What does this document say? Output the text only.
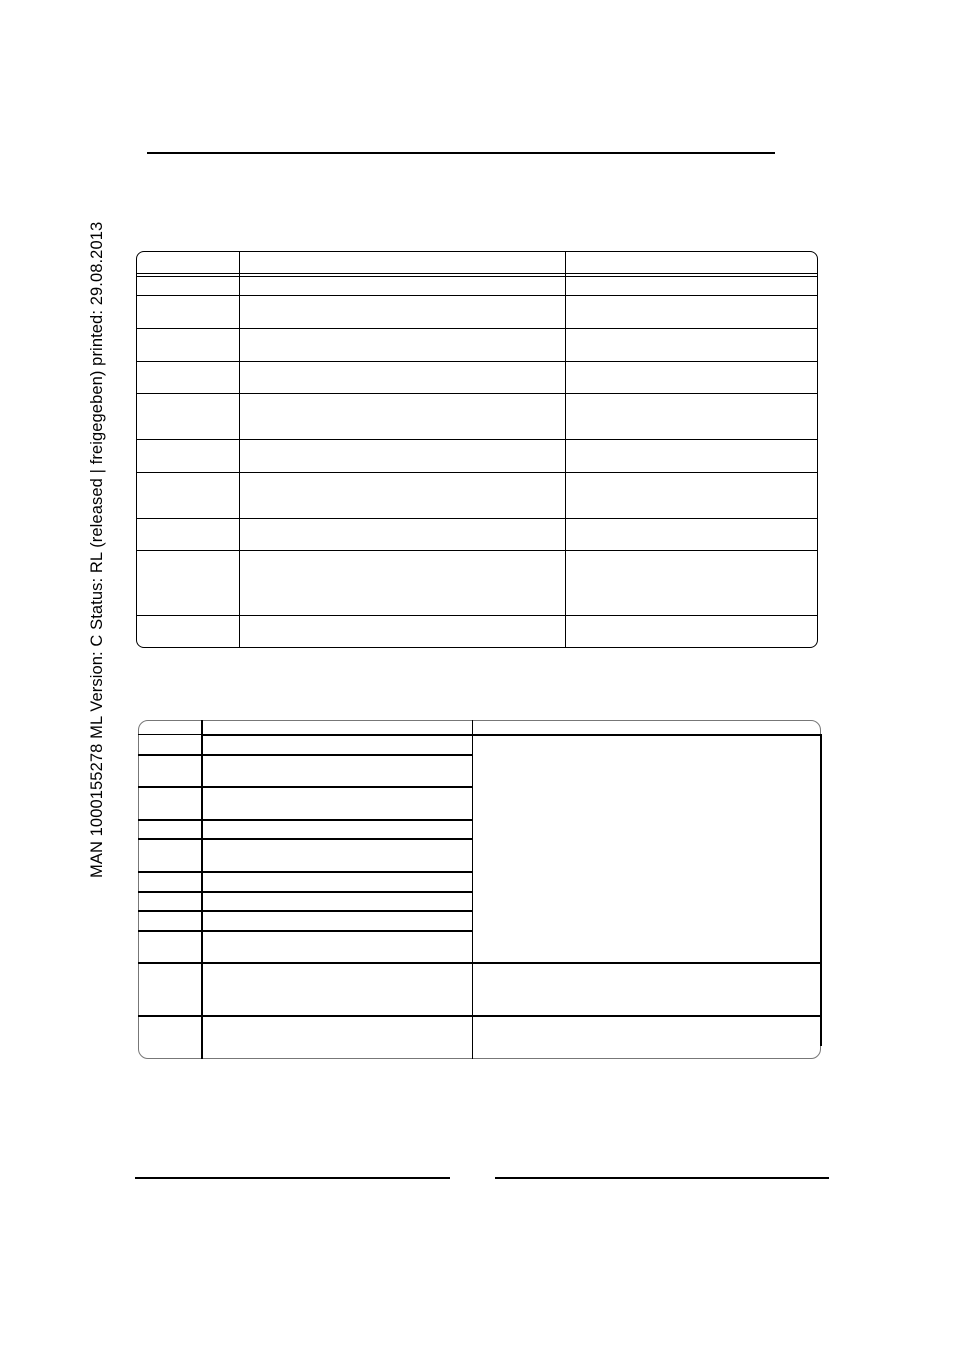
MAN 1000155278 ML Version: C Status: RL (released | freigegeben) printed: 29.08.2013
